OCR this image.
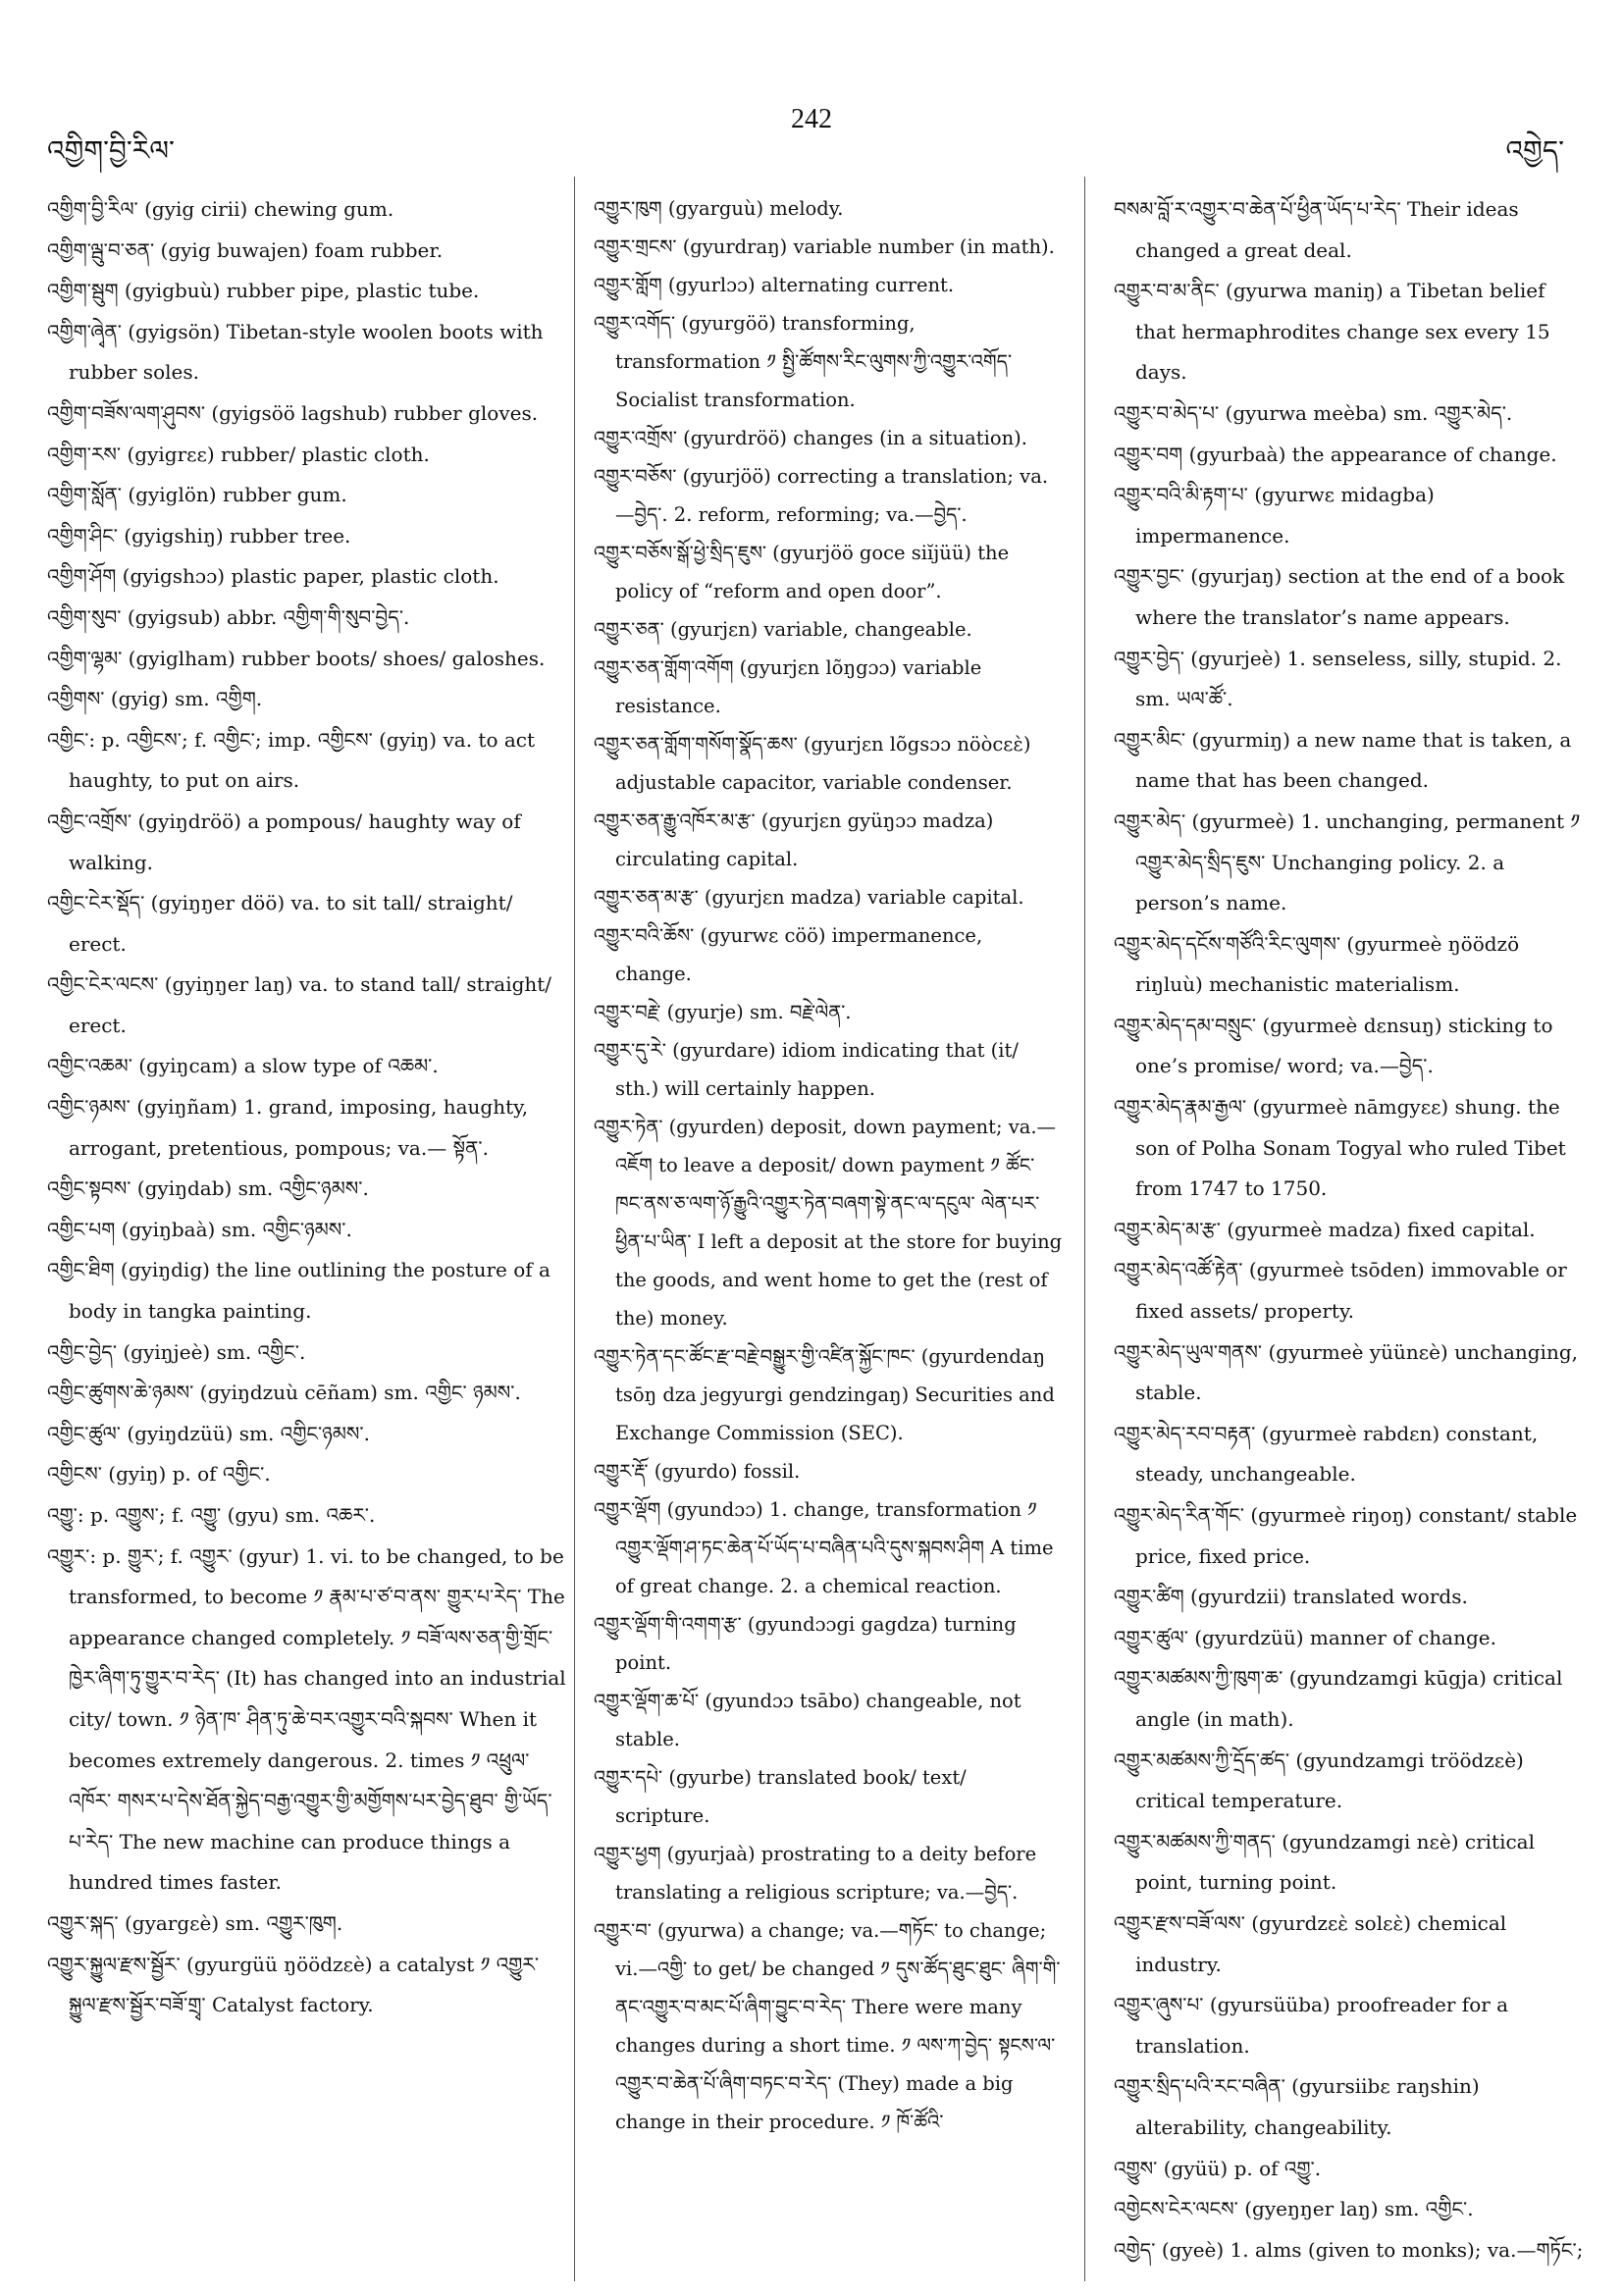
འགྱིག་བྱི་རིལ་
242
འགྱེད་

འགྱིག་བྱི་རིལ་ (gyig cirii) chewing gum.

འགྱིག་ལྦུ་བ་ཅན་ (gyig buwajen) foam rubber.

འགྱིག་སྦུག (gyigbuù) rubber pipe, plastic tube.

འགྱིག་ཞྭེན་ (gyigsön) Tibetan-style woolen boots with rubber soles.

འགྱིག་བཟོས་ལག་ཤུབས་ (gyigsöö lagshub) rubber gloves.

འགྱིག་རས་ (gyigrεε) rubber/ plastic cloth.

འགྱིག་སློན་ (gyiglön) rubber gum.

འགྱིག་ཤིང་ (gyigshiŋ) rubber tree.

འགྱིག་ཤོག (gyigshɔɔ) plastic paper, plastic cloth.

འགྱིག་སུབ་ (gyigsub) abbr. འགྱིག་གི་སུབ་བྱེད་.

འགྱིག་ལྷམ་ (gyiglham) rubber boots/ shoes/ galoshes.

འགྱིགས་ (gyig) sm. འགྱིག.

འགྱིང་: p. འགྱིངས་; f. འགྱིང་; imp. འགྱིངས་ (gyiŋ) va. to act haughty, to put on airs.

འགྱིང་འགྲོས་ (gyiŋdröö) a pompous/ haughty way of walking.

འགྱིང་ངེར་སྡོད་ (gyiŋŋer döö) va. to sit tall/ straight/ erect.

འགྱིང་ངེར་ལངས་ (gyiŋŋer laŋ) va. to stand tall/ straight/ erect.

འགྱིང་འཆམ་ (gyiŋcam) a slow type of འཆམ་.

འགྱིང་ཉམས་ (gyiŋñam) 1. grand, imposing, haughty, arrogant, pretentious, pompous; va.— སྟོན་.

འགྱིང་སྟབས་ (gyiŋdab) sm. འགྱིང་ཉམས་.

འགྱིང་པག (gyiŋbaà) sm. འགྱིང་ཉམས་.

འགྱིང་ཐིག (gyiŋdig) the line outlining the posture of a body in tangka painting.

འགྱིང་བྱེད་ (gyiŋjeè) sm. འགྱིང་.

འགྱིང་ཚུགས་ཆེ་ཉམས་ (gyiŋdzuù cēñam) sm. འགྱིང་ ཉམས་.

འགྱིང་ཚུལ་ (gyiŋdzüü) sm. འགྱིང་ཉམས་.

འགྱིངས་ (gyiŋ) p. of འགྱིང་.

འགྱུ་: p. འགྱུས་; f. འགྱུ་ (gyu) sm. འཆར་.

འགྱུར་: p. གྱུར་; f. འགྱུར་ (gyur) 1. vi. to be changed, to be transformed, to become ༡ རྣམ་པ་ཙ་བ་ནས་ གྱུར་པ་རེད་ The appearance changed completely. ༡ བཟོ་ལས་ཅན་གྱི་གྲོང་ཁྱེར་ཞིག་ཏུ་གྱུར་བ་རེད་ (It) has changed into an industrial city/ town. ༡ ཉེན་ཁ་ ཤིན་ཏུ་ཆེ་བར་འགྱུར་བའི་སྐབས་ When it becomes extremely dangerous. 2. times ༡ འཕྲུལ་འཁོར་ གསར་པ་དེས་ཐོན་སྐྱེད་བརྒྱ་འགྱུར་གྱི་མགྱོགས་པར་བྱེད་ཐུབ་ གྱི་ཡོད་པ་རེད་ The new machine can produce things a hundred times faster.

འགྱུར་སྐད་ (gyargεè) sm. འགྱུར་ཁུག.

འགྱུར་སྐྱུལ་རྫས་སྦྱོར་ (gyurgüü ŋöödzεè) a catalyst ༡ འགྱུར་སྐྱུལ་རྫས་སྦྱོར་བཟོ་གྲྭ་ Catalyst factory.

འགྱུར་ཁུག (gyarguù) melody.

འགྱུར་གྲངས་ (gyurdraŋ) variable number (in math).

འགྱུར་གློག (gyurlɔɔ) alternating current.

འགྱུར་འགོད་ (gyurgöö) transforming, transformation ༡ སྤྱི་ཚོགས་རིང་ལུགས་ཀྱི་འགྱུར་འགོད་ Socialist transformation.

འགྱུར་འགྲོས་ (gyurdröö) changes (in a situation).

འགྱུར་བཅོས་ (gyurjöö) correcting a translation; va.—བྱེད་. 2. reform, reforming; va.—བྱེད་.

འགྱུར་བཅོས་སྒོ་ཕྱེ་སྲིད་ཇུས་ (gyurjöö goce siĭjüü) the policy of “reform and open door”.

འགྱུར་ཅན་ (gyurjεn) variable, changeable.

འགྱུར་ཅན་གློག་འགོག (gyurjεn lõŋgɔɔ) variable resistance.

འགྱུར་ཅན་གློག་གསོག་སྣོད་ཆས་ (gyurjεn lõgsɔɔ nöòcεὲ) adjustable capacitor, variable condenser.

འགྱུར་ཅན་རྒྱུ་འཁོར་མ་རྩ་ (gyurjεn gyüŋɔɔ madza) circulating capital.

འགྱུར་ཅན་མ་རྩ་ (gyurjεn madza) variable capital.

འགྱུར་བའི་ཆོས་ (gyurwε cöö) impermanence, change.

འགྱུར་བརྗེ་ (gyurje) sm. བརྗེ་ལེན་.

འགྱུར་དུ་རེ་ (gyurdare) idiom indicating that (it/ sth.) will certainly happen.

འགྱུར་ཏེན་ (gyurden) deposit, down payment; va.— འཇོག to leave a deposit/ down payment ༡ ཚོང་ ཁང་ནས་ཅ་ལག་ཉོ་རྒྱུའི་འགྱུར་ཏེན་བཞག་སྟེ་ནང་ལ་དངུལ་ ལེན་པར་ཕྱིན་པ་ཡིན་ I left a deposit at the store for buying the goods, and went home to get the (rest of the) money.

འགྱུར་ཏེན་དང་ཚོང་རྫ་བརྗེ་བསྒྱུར་གྱི་འཛིན་སྐྱོང་ཁང་ (gyurdendaŋ tsōŋ dza jegyurgi gendzingaŋ) Securities and Exchange Commission (SEC).

འགྱུར་རྡོ་ (gyurdo) fossil.

འགྱུར་ལྡོག (gyundɔɔ) 1. change, transformation ༡ འགྱུར་ལྡོག་ཤ་ཏང་ཆེན་པོ་ཡོད་པ་བཞིན་པའི་དུས་སྐབས་ཤིག A time of great change. 2. a chemical reaction.

འགྱུར་ལྡོག་གི་འགག་རྩ་ (gyundɔɔgi gagdza) turning point.

འགྱུར་ལྡོག་ཆ་པོ་ (gyundɔɔ tsābo) changeable, not stable.

འགྱུར་དཔེ་ (gyurbe) translated book/ text/ scripture.

འགྱུར་ཕྱག (gyurjaà) prostrating to a deity before translating a religious scripture; va.—བྱེད་.

འགྱུར་བ་ (gyurwa) a change; va.—གཏོང་ to change; vi.—འགྱི་ to get/ be changed ༡ དུས་ཚོད་ཐུང་ཐུང་ ཞིག་གི་ནང་འགྱུར་བ་མང་པོ་ཞིག་བྱུང་བ་རེད་ There were many changes during a short time. ༡ ལས་ཀ་བྱེད་ སྟངས་ལ་འགྱུར་བ་ཆེན་པོ་ཞིག་བཏང་བ་རེད་ (They) made a big change in their procedure. ༡ ཁོ་ཚོའི་

བསམ་བློ་ར་འགྱུར་བ་ཆེན་པོ་ཕྱིན་ཡོད་པ་རེད་ Their ideas changed a great deal.

འགྱུར་བ་མ་ནིང་ (gyurwa maniŋ) a Tibetan belief that hermaphrodites change sex every 15 days.

འགྱུར་བ་མེད་པ་ (gyurwa meèba) sm. འགྱུར་མེད་.

འགྱུར་བག (gyurbaà) the appearance of change.

འགྱུར་བའི་མི་རྟག་པ་ (gyurwε midagba) impermanence.

འགྱུར་བྱང་ (gyurjaŋ) section at the end of a book where the translator’s name appears.

འགྱུར་བྱེད་ (gyurjeè) 1. senseless, silly, stupid. 2. sm. ཡལ་ཚོ་.

འགྱུར་མིང་ (gyurmiŋ) a new name that is taken, a name that has been changed.

འགྱུར་མེད་ (gyurmeè) 1. unchanging, permanent ༡ འགྱུར་མེད་སྲིད་ཇུས་ Unchanging policy. 2. a person’s name.

འགྱུར་མེད་དངོས་གཙོའི་རིང་ལུགས་ (gyurmeè ŋöödzö riŋluù) mechanistic materialism.

འགྱུར་མེད་དམ་བསྲུང་ (gyurmeè dεnsuŋ) sticking to one’s promise/ word; va.—བྱེད་.

འགྱུར་མེད་རྣམ་རྒྱལ་ (gyurmeè nāmgyεε) shung. the son of Polha Sonam Togyal who ruled Tibet from 1747 to 1750.

འགྱུར་མེད་མ་རྩ་ (gyurmeè madza) fixed capital.

འགྱུར་མེད་འཚོ་རྟེན་ (gyurmeè tsōden) immovable or fixed assets/ property.

འགྱུར་མེད་ཡུལ་གནས་ (gyurmeè yüünεè) unchanging, stable.

འགྱུར་མེད་རབ་བརྟན་ (gyurmeè rabdεn) constant, steady, unchangeable.

འགྱུར་མེད་རིན་གོང་ (gyurmeè riŋoŋ) constant/ stable price, fixed price.

འགྱུར་ཚིག (gyurdzii) translated words.

འགྱུར་ཚུལ་ (gyurdzüü) manner of change.

འགྱུར་མཚམས་ཀྱི་ཁུག་ཆ་ (gyundzamgi kūgja) critical angle (in math).

འགྱུར་མཚམས་ཀྱི་དྲོད་ཚད་ (gyundzamgi tröödzεè) critical temperature.

འགྱུར་མཚམས་ཀྱི་གནད་ (gyundzamgi nεè) critical point, turning point.

འགྱུར་རྫས་བཟོ་ལས་ (gyurdzεὲ solεὲ) chemical industry.

འགྱུར་ཞུས་པ་ (gyursüüba) proofreader for a translation.

འགྱུར་སྲིད་པའི་རང་བཞིན་ (gyursiibε raŋshin) alterability, changeability.

འགྱུས་ (gyüü) p. of འགྱུ་.

འགྱེངས་ངེར་ལངས་ (gyeŋŋer laŋ) sm. འགྱིང་.

འགྱེད་ (gyeè) 1. alms (given to monks); va.—གཏོང་;
